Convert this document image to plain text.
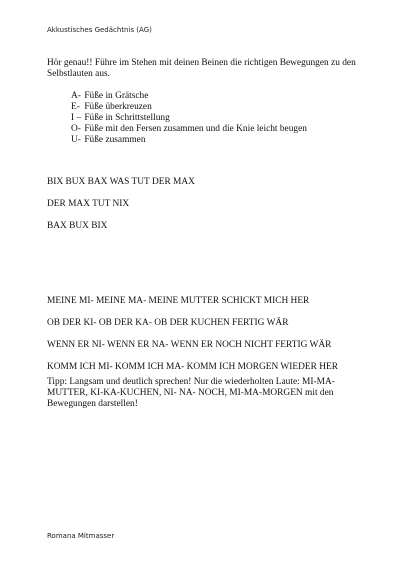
Akkustisches Gedächtnis (AG)
Hör genau!! Führe im Stehen mit deinen Beinen die richtigen Bewegungen zu den Selbstlauten aus.
A-
Füße in Grätsche
E-
Füße überkreuzen
I –
Füße in Schrittstellung
O-
Füße mit den Fersen zusammen und die Knie leicht beugen
U-
Füße zusammen
BIX BUX BAX WAS TUT DER MAX
DER MAX TUT NIX
BAX BUX BIX
MEINE MI- MEINE MA- MEINE MUTTER SCHICKT MICH HER
OB DER KI- OB DER KA- OB DER KUCHEN FERTIG WÄR
WENN ER NI- WENN ER NA- WENN ER NOCH NICHT FERTIG WÄR
KOMM ICH MI- KOMM ICH MA- KOMM ICH MORGEN WIEDER HER
Tipp: Langsam und deutlich sprechen! Nur die wiederholten Laute: MI-MA-MUTTER, KI-KA-KUCHEN, NI- NA- NOCH, MI-MA-MORGEN mit den Bewegungen darstellen!
Romana Mitmasser
